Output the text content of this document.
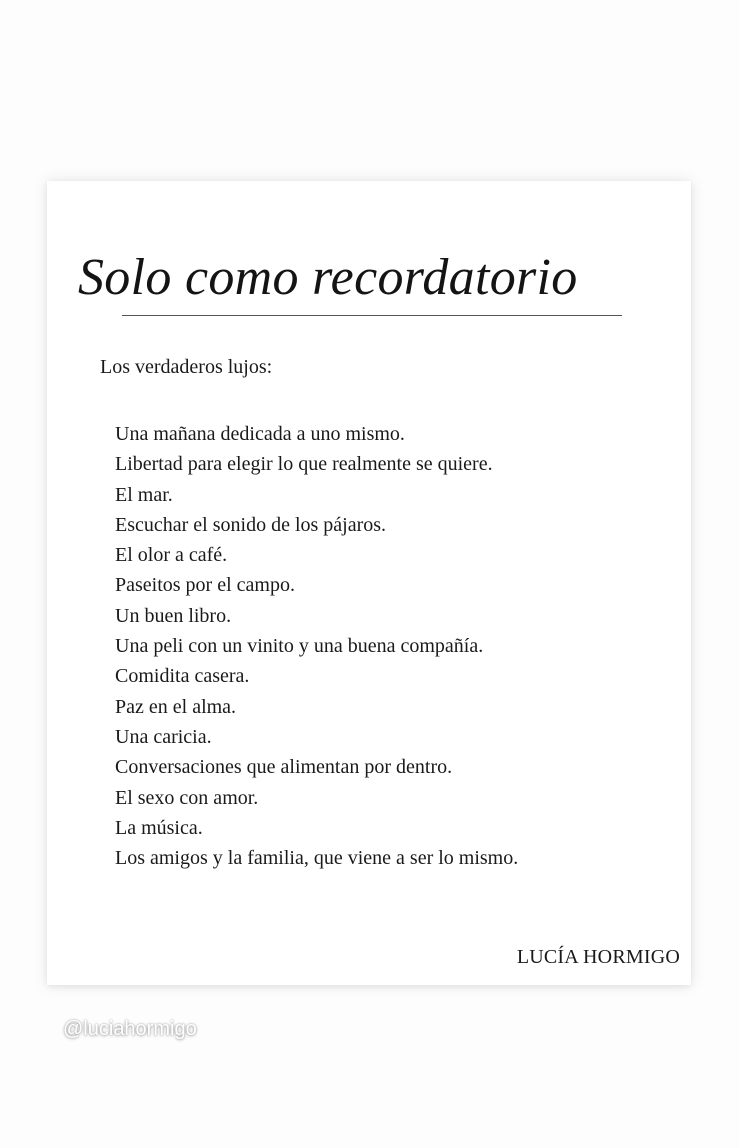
Una mañana dedicada a uno mismo.
Libertad para elegir lo que realmente se quiere.
El mar.
Escuchar el sonido de los pájaros.
El olor a café.
Paseitos por el campo.
Un buen libro.
Una peli con un vinito y una buena compañía.
Comidita casera.
Paz en el alma.
Una caricia.
Conversaciones que alimentan por dentro.
El sexo con amor.
La música.
Los amigos y la familia, que viene a ser lo mismo.

Los verdaderos lujos:

LUCÍA HORMIGO
Solo como recordatorio
@luciahormigo
